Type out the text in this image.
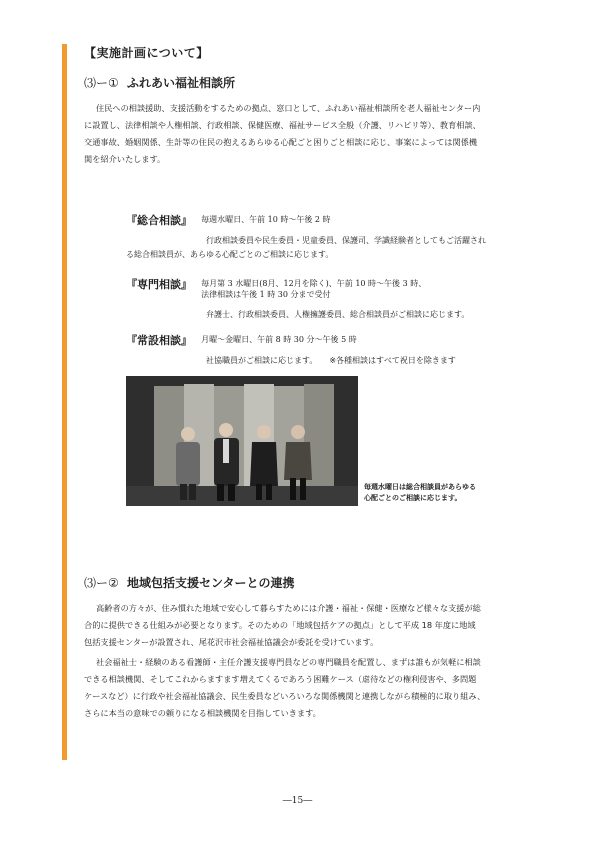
【実施計画について】
⑶ー① ふれあい福祉相談所
住民への相談援助、支援活動をするための拠点、窓口として、ふれあい福祉相談所を老人福祉センター内
に設置し、法律相談や人権相談、行政相談、保健医療、福祉サービス全般（介護、リハビリ等）、教育相談、
交通事故、婚姻関係、生計等の住民の抱えるあらゆる心配ごと困りごと相談に応じ、事案によっては関係機
関を紹介いたします。
『総合相談』 毎週水曜日、午前 10 時～午後 2 時
行政相談委員や民生委員・児童委員、保護司、学識経験者としてもご活躍され
る総合相談員が、あらゆる心配ごとのご相談に応じます。
『専門相談』 毎月第 3 水曜日(8月、12月を除く)、午前 10 時～午後 3 時、
法律相談は午後 1 時 30 分まで受付
弁護士、行政相談委員、人権擁護委員、総合相談員がご相談に応じます。
『常設相談』 月曜～金曜日、午前 8 時 30 分～午後 5 時
社協職員がご相談に応じます。　　※各種相談はすべて祝日を除きます
毎週水曜日は総合相談員があらゆる
心配ごとのご相談に応じます。
⑶ー② 地域包括支援センターとの連携
高齢者の方々が、住み慣れた地域で安心して暮らすためには介護・福祉・保健・医療など様々な支援が総
合的に提供できる仕組みが必要となります。そのための「地域包括ケアの拠点」として平成 18 年度に地域
包括支援センターが設置され、尾花沢市社会福祉協議会が委託を受けています。
社会福祉士・経験のある看護師・主任介護支援専門員などの専門職員を配置し、まずは誰もが気軽に相談
できる相談機関、そしてこれからますます増えてくるであろう困難ケース（虐待などの権利侵害や、多問題
ケースなど）に行政や社会福祉協議会、民生委員などいろいろな関係機関と連携しながら積極的に取り組み、
さらに本当の意味での頼りになる相談機関を目指していきます。
―15―
